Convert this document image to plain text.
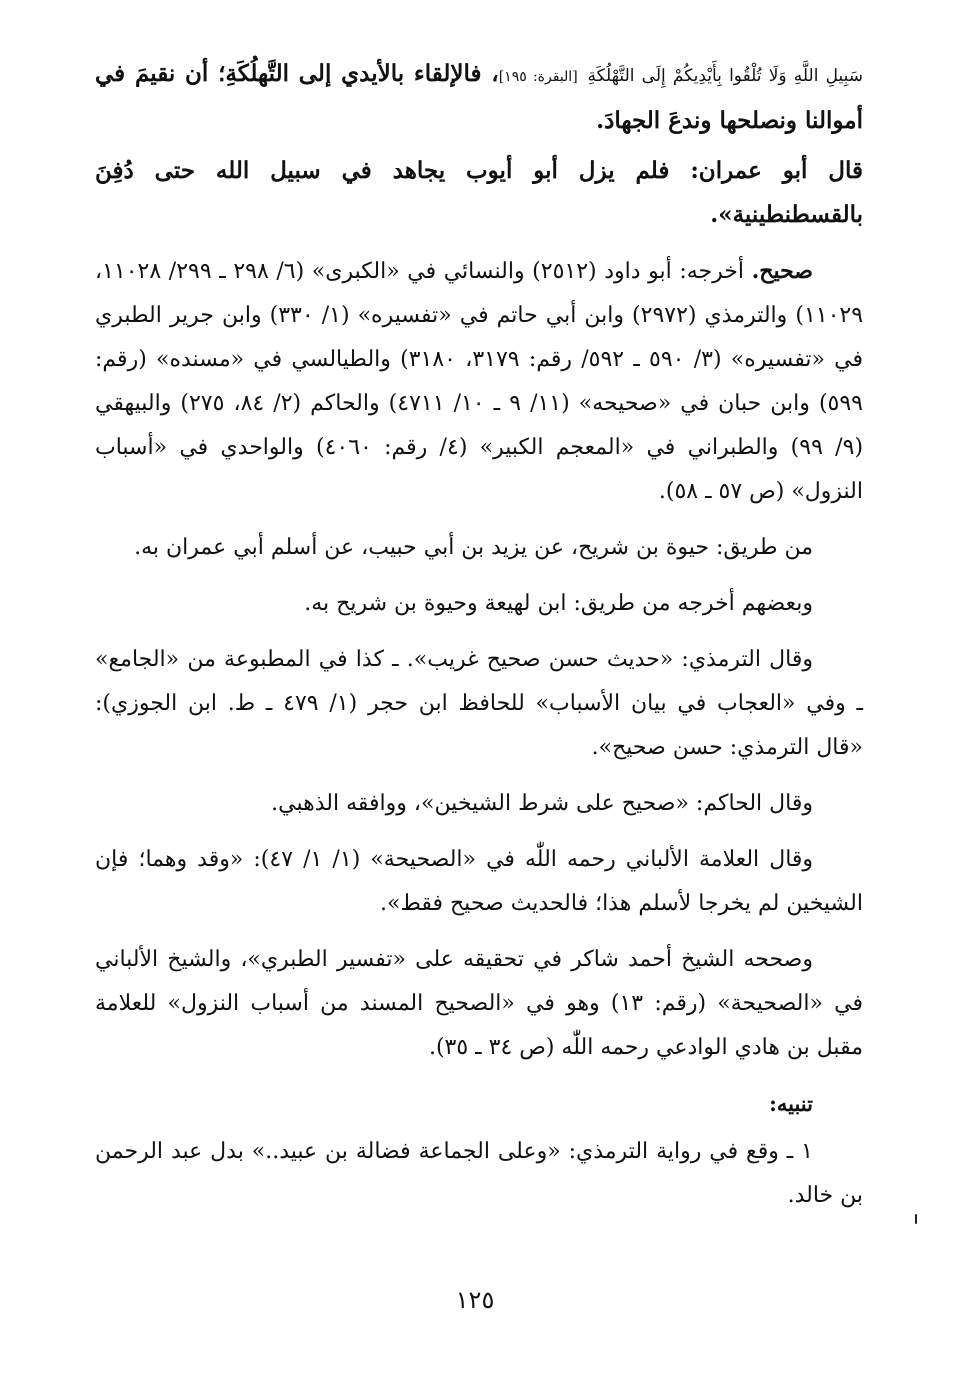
سَبِيلِ اللَّهِ وَلَا تُلْقُوا بِأَيْدِيكُمْ إِلَى التَّهْلُكَةِ [البقرة: ١٩٥]، فالإلقاء بالأيدي إلى التَّهلُكَةِ؛ أن نقيمَ في أموالنا ونصلحها وندعَ الجهادَ.

قال أبو عمران: فلم يزل أبو أيوب يجاهد في سبيل الله حتى دُفِنَ بالقسطنطينية».

صحيح. أخرجه: أبو داود (٢٥١٢) والنسائي في «الكبرى» (٦/ ٢٩٨ ـ ٢٩٩/ ١١٠٢٨، ١١٠٢٩) والترمذي (٢٩٧٢) وابن أبي حاتم في «تفسيره» (١/ ٣٣٠) وابن جرير الطبري في «تفسيره» (٣/ ٥٩٠ ـ ٥٩٢/ رقم: ٣١٧٩، ٣١٨٠) والطيالسي في «مسنده» (رقم: ٥٩٩) وابن حبان في «صحيحه» (١١/ ٩ ـ ١٠/ ٤٧١١) والحاكم (٢/ ٨٤، ٢٧٥) والبيهقي (٩/ ٩٩) والطبراني في «المعجم الكبير» (٤/ رقم: ٤٠٦٠) والواحدي في «أسباب النزول» (ص ٥٧ ـ ٥٨).

من طريق: حيوة بن شريح، عن يزيد بن أبي حبيب، عن أسلم أبي عمران به.

وبعضهم أخرجه من طريق: ابن لهيعة وحيوة بن شريح به.

وقال الترمذي: «حديث حسن صحيح غريب». ـ كذا في المطبوعة من «الجامع» ـ وفي «العجاب في بيان الأسباب» للحافظ ابن حجر (١/ ٤٧٩ ـ ط. ابن الجوزي): «قال الترمذي: حسن صحيح».

وقال الحاكم: «صحيح على شرط الشيخين»، ووافقه الذهبي.

وقال العلامة الألباني رحمه اللّٰه في «الصحيحة» (١/ ١/ ٤٧): «وقد وهما؛ فإن الشيخين لم يخرجا لأسلم هذا؛ فالحديث صحيح فقط».

وصححه الشيخ أحمد شاكر في تحقيقه على «تفسير الطبري»، والشيخ الألباني في «الصحيحة» (رقم: ١٣) وهو في «الصحيح المسند من أسباب النزول» للعلامة مقبل بن هادي الوادعي رحمه اللّٰه (ص ٣٤ ـ ٣٥).

تنبيه:

١ ـ وقع في رواية الترمذي: «وعلى الجماعة فضالة بن عبيد..» بدل عبد الرحمن بن خالد.

١٢٥
